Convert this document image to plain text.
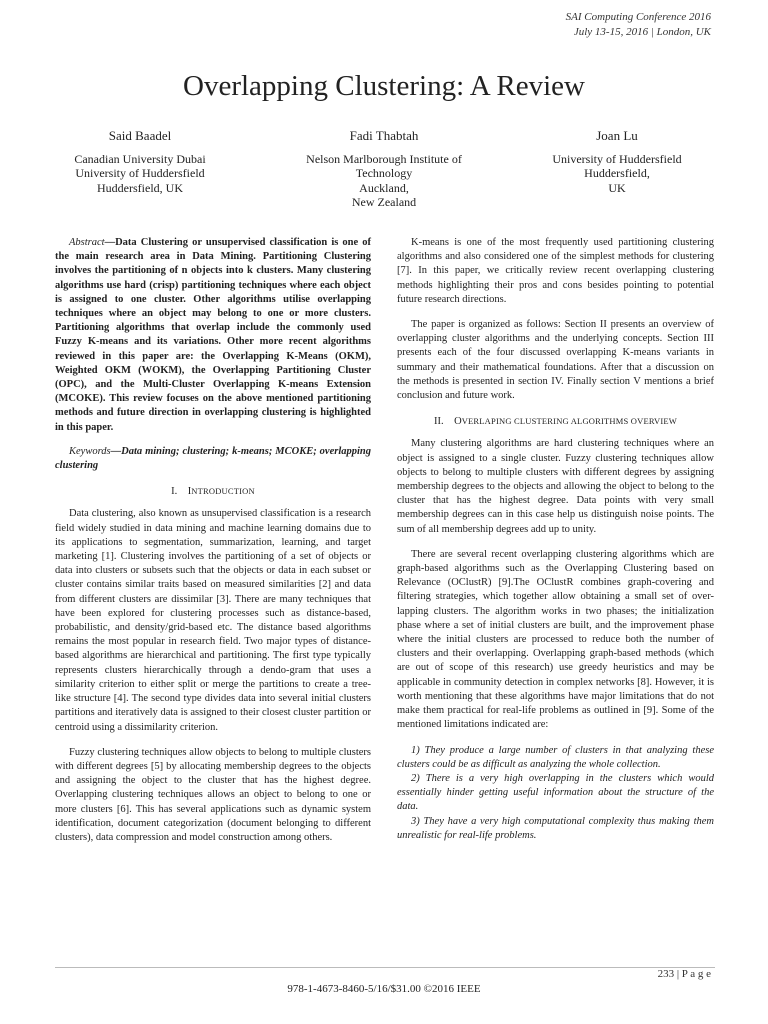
SAI Computing Conference 2016
July 13-15, 2016 | London, UK
Overlapping Clustering: A Review
Said Baadel
Canadian University Dubai
University of Huddersfield
Huddersfield, UK
Fadi Thabtah
Nelson Marlborough Institute of
Technology
Auckland,
New Zealand
Joan Lu
University of Huddersfield
Huddersfield,
UK

Abstract—Data Clustering or unsupervised classification is one of the main research area in Data Mining. Partitioning Clustering involves the partitioning of n objects into k clusters. Many clustering algorithms use hard (crisp) partitioning techniques where each object is assigned to one cluster. Other algorithms utilise overlapping techniques where an object may belong to one or more clusters. Partitioning algorithms that overlap include the commonly used Fuzzy K-means and its variations. Other more recent algorithms reviewed in this paper are: the Overlapping K-Means (OKM), Weighted OKM (WOKM), the Overlapping Partitioning Cluster (OPC), and the Multi-Cluster Overlapping K-means Extension (MCOKE). This review focuses on the above mentioned partitioning methods and future direction in overlapping clustering is highlighted in this paper.

Keywords—Data mining; clustering; k-means; MCOKE; overlapping clustering

I. INTRODUCTION

Data clustering, also known as unsupervised classification is a research field widely studied in data mining and machine learning domains due to its applications to segmentation, summarization, learning, and target marketing [1]. Clustering involves the partitioning of a set of objects or data into clusters or subsets such that the objects or data in each subset or cluster contains similar traits based on measured similarities [2] and data from different clusters are dissimilar [3]. There are many techniques that have been explored for clustering processes such as distance-based, probabilistic, and density/grid-based etc. The distance based algorithms remains the most popular in research field. Two major types of distance-based algorithms are hierarchical and partitioning. The first type typically represents clusters hierarchically through a dendo-gram that uses a similarity criterion to either split or merge the partitions to create a tree-like structure [4]. The second type divides data into several initial clusters partitions and iteratively data is assigned to their closest cluster partition or centroid using a dissimilarity criterion.

Fuzzy clustering techniques allow objects to belong to multiple clusters with different degrees [5] by allocating membership degrees to the objects and assigning the object to the cluster that has the highest degree. Overlapping clustering techniques allows an object to belong to one or more clusters [6]. This has several applications such as dynamic system identification, document categorization (document belonging to different clusters), data compression and model construction among others.

K-means is one of the most frequently used partitioning clustering algorithms and also considered one of the simplest methods for clustering [7]. In this paper, we critically review recent overlapping clustering methods highlighting their pros and cons besides pointing to potential future research directions.

The paper is organized as follows: Section II presents an overview of overlapping cluster algorithms and the underlying concepts. Section III presents each of the four discussed overlapping K-means variants in summary and their mathematical foundations. After that a discussion on the methods is presented in section IV. Finally section V mentions a brief conclusion and future work.

II. OVERLAPING CLUSTERING ALGORITHMS OVERVIEW

Many clustering algorithms are hard clustering techniques where an object is assigned to a single cluster. Fuzzy clustering techniques allow objects to belong to multiple clusters with different degrees by assigning membership degrees to the objects and allowing the object to belong to the cluster that has the highest degree. Data points with very small membership degrees can in this case help us distinguish noise points. The sum of all membership degrees add up to unity.

There are several recent overlapping clustering algorithms which are graph-based algorithms such as the Overlapping Clustering based on Relevance (OClustR) [9].The OClustR combines graph-covering and filtering strategies, which together allow obtaining a small set of over-lapping clusters. The algorithm works in two phases; the initialization phase where a set of initial clusters are built, and the improvement phase where the initial clusters are processed to reduce both the number of clusters and their overlapping. Overlapping graph-based methods (which are out of scope of this research) use greedy heuristics and may be applicable in community detection in complex networks [8]. However, it is worth mentioning that these algorithms have major limitations that do not make them practical for real-life problems as outlined in [9]. Some of the mentioned limitations indicated are:

1) They produce a large number of clusters in that analyzing these clusters could be as difficult as analyzing the whole collection.

2) There is a very high overlapping in the clusters which would essentially hinder getting useful information about the structure of the data.

3) They have a very high computational complexity thus making them unrealistic for real-life problems.

233 | P a g e
978-1-4673-8460-5/16/$31.00 ©2016 IEEE
